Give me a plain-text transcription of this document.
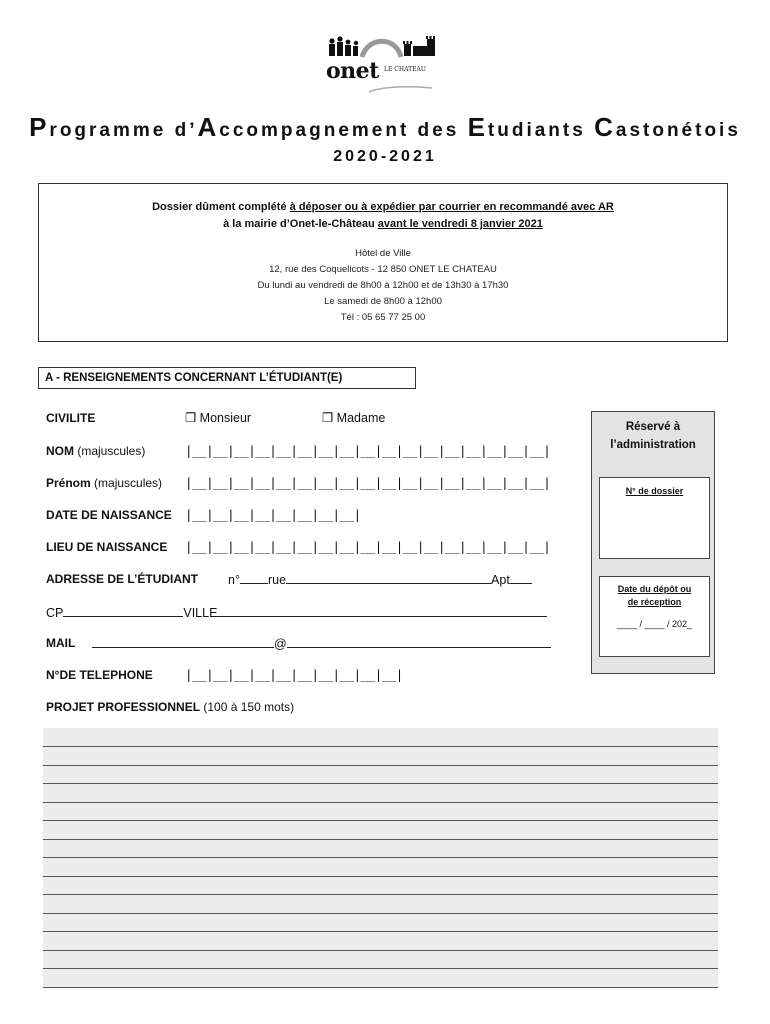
onet LE CHATEAU
Programme d’Accompagnement des Etudiants Castonétois
2020-2021
Dossier dûment complété à déposer ou à expédier par courrier en recommandé avec AR
à la mairie d’Onet-le-Château avant le vendredi 8 janvier 2021
Hôtel de Ville
12, rue des Coquelicots - 12 850 ONET LE CHATEAU
Du lundi au vendredi de 8h00 à 12h00 et de 13h30 à 17h30
Le samedi de 8h00 à 12h00
Tél : 05 65 77 25 00
A - RENSEIGNEMENTS CONCERNANT L’ÉTUDIANT(E)
CIVILITE	❒ Monsieur	❒ Madame
NOM (majuscules)	|__|__|__|__|__|__|__|__|__|__|__|__|__|__|__|__|__|
Prénom (majuscules) |__|__|__|__|__|__|__|__|__|__|__|__|__|__|__|__|__|
DATE DE NAISSANCE |__|__|__|__|__|__|__|__|
LIEU DE NAISSANCE |__|__|__|__|__|__|__|__|__|__|__|__|__|__|__|__|__|
ADRESSE DE L’ÉTUDIANT n° rue	Apt
CP	VILLE
MAIL	@
N°DE TELEPHONE	|__|__|__|__|__|__|__|__|__|__|
PROJET PROFESSIONNEL (100 à 150 mots)
Réservé à
l’administration
N° de dossier
Date du dépôt ou
de réception
____ / ____ / 202_
